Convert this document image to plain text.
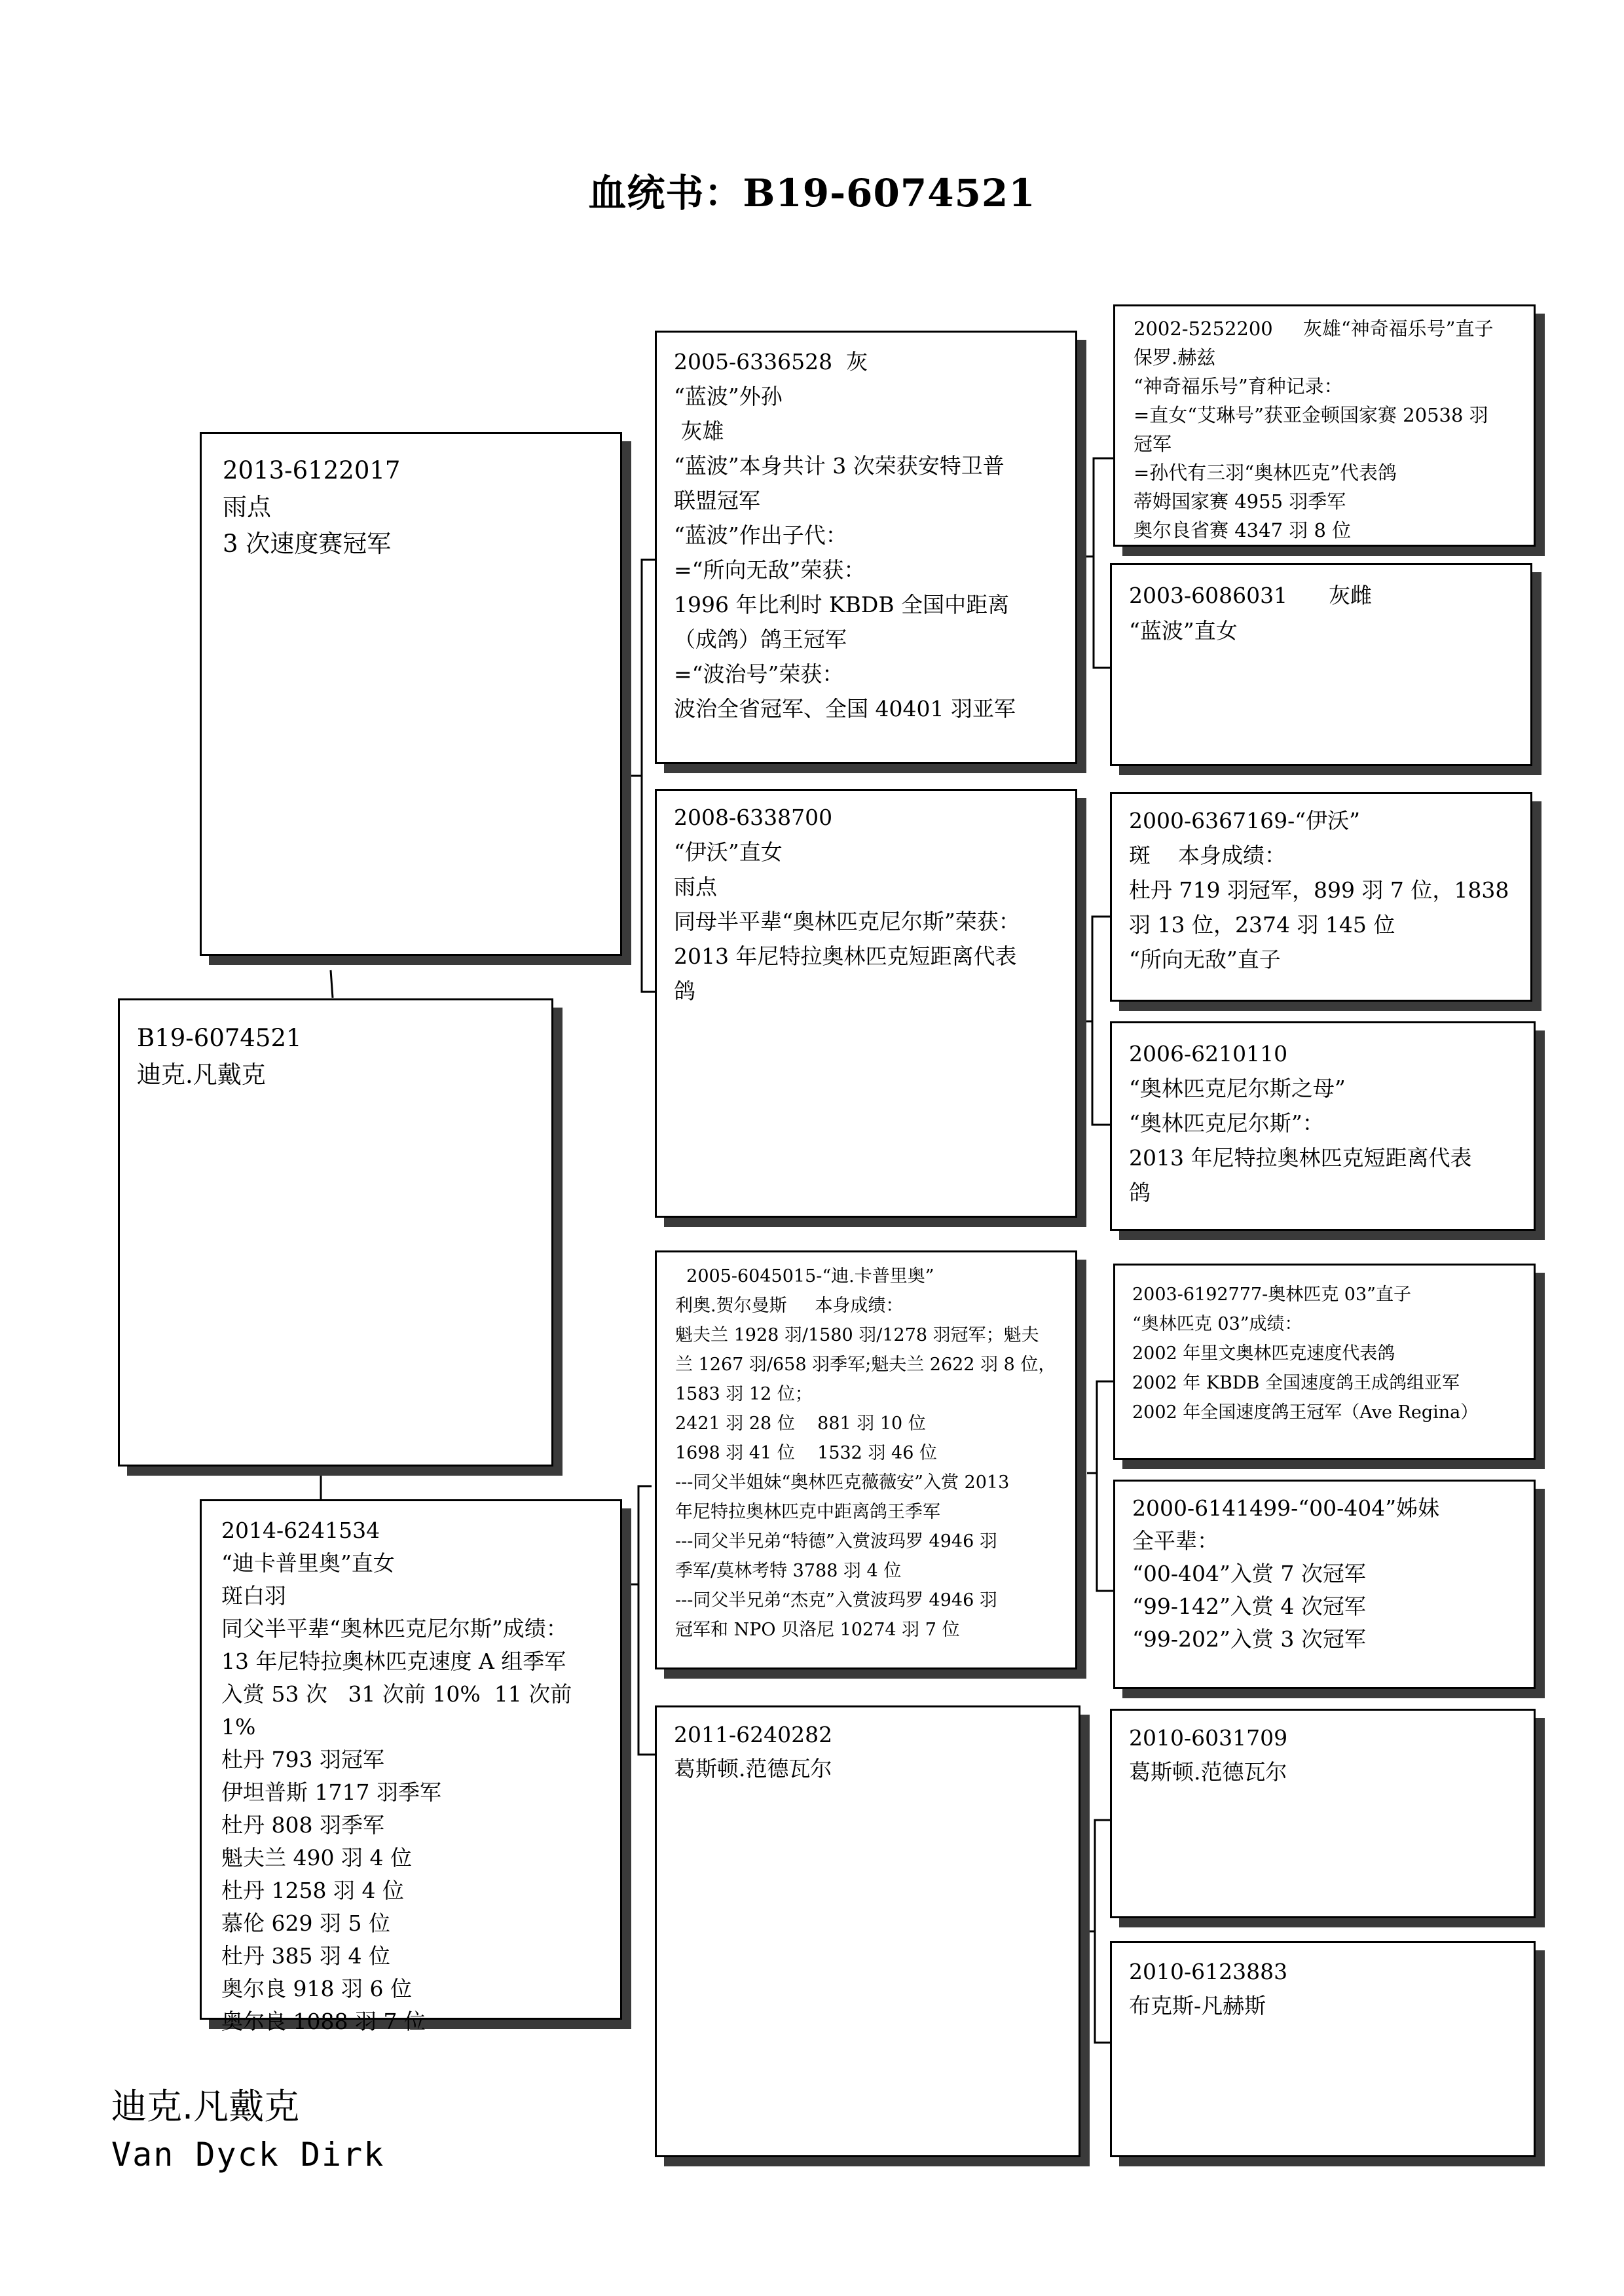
血统书：B19-6074521
B19-6074521
迪克.凡戴克
2013-6122017
雨点
3 次速度赛冠军
2014-6241534
“迪卡普里奥”直女
斑白羽
同父半平辈“奥林匹克尼尔斯”成绩：
13 年尼特拉奥林匹克速度 A 组季军
入赏 53 次   31 次前 10%  11 次前 1%
杜丹 793 羽冠军
伊坦普斯 1717 羽季军
杜丹 808 羽季军
魁夫兰 490 羽 4 位
杜丹 1258 羽 4 位
慕伦 629 羽 5 位
杜丹 385 羽 4 位
奥尔良 918 羽 6 位
奥尔良 1088 羽 7 位
2005-6336528  灰
“蓝波”外孙
灰雄
“蓝波”本身共计 3 次荣获安特卫普
联盟冠军
“蓝波”作出子代：
=“所向无敌”荣获：
1996 年比利时 KBDB 全国中距离
（成鸽）鸽王冠军
=“波治号”荣获：
波治全省冠军、全国 40401 羽亚军
2008-6338700
“伊沃”直女
雨点
同母半平辈“奥林匹克尼尔斯”荣获：
2013 年尼特拉奥林匹克短距离代表
鸽
2005-6045015-“迪.卡普里奥”
利奥.贺尔曼斯     本身成绩：
魁夫兰 1928 羽/1580 羽/1278 羽冠军；魁夫
兰 1267 羽/658 羽季军;魁夫兰 2622 羽 8 位，
1583 羽 12 位；
2421 羽 28 位    881 羽 10 位
1698 羽 41 位    1532 羽 46 位
---同父半姐妹“奥林匹克薇薇安”入赏 2013
年尼特拉奥林匹克中距离鸽王季军
---同父半兄弟“特德”入赏波玛罗 4946 羽
季军/莫林考特 3788 羽 4 位
---同父半兄弟“杰克”入赏波玛罗 4946 羽
冠军和 NPO 贝洛尼 10274 羽 7 位
2011-6240282
葛斯顿.范德瓦尔
2002-5252200     灰雄“神奇福乐号”直子
保罗.赫兹
“神奇福乐号”育种记录：
=直女“艾琳号”获亚金顿国家赛 20538 羽
冠军
=孙代有三羽“奥林匹克”代表鸽
蒂姆国家赛 4955 羽季军
奥尔良省赛 4347 羽 8 位
2003-6086031      灰雌
“蓝波”直女
2000-6367169-“伊沃”
斑    本身成绩：
杜丹 719 羽冠军，899 羽 7 位，1838
羽 13 位，2374 羽 145 位
“所向无敌”直子
2006-6210110
“奥林匹克尼尔斯之母”
“奥林匹克尼尔斯”：
2013 年尼特拉奥林匹克短距离代表
鸽
2003-6192777-奥林匹克 03”直子
“奥林匹克 03”成绩：
2002 年里文奥林匹克速度代表鸽
2002 年 KBDB 全国速度鸽王成鸽组亚军
2002 年全国速度鸽王冠军（Ave Regina）
2000-6141499-“00-404”姊妹
全平辈：
“00-404”入赏 7 次冠军
“99-142”入赏 4 次冠军
“99-202”入赏 3 次冠军
2010-6031709
葛斯顿.范德瓦尔
2010-6123883
布克斯-凡赫斯
迪克.凡戴克
Van Dyck Dirk
